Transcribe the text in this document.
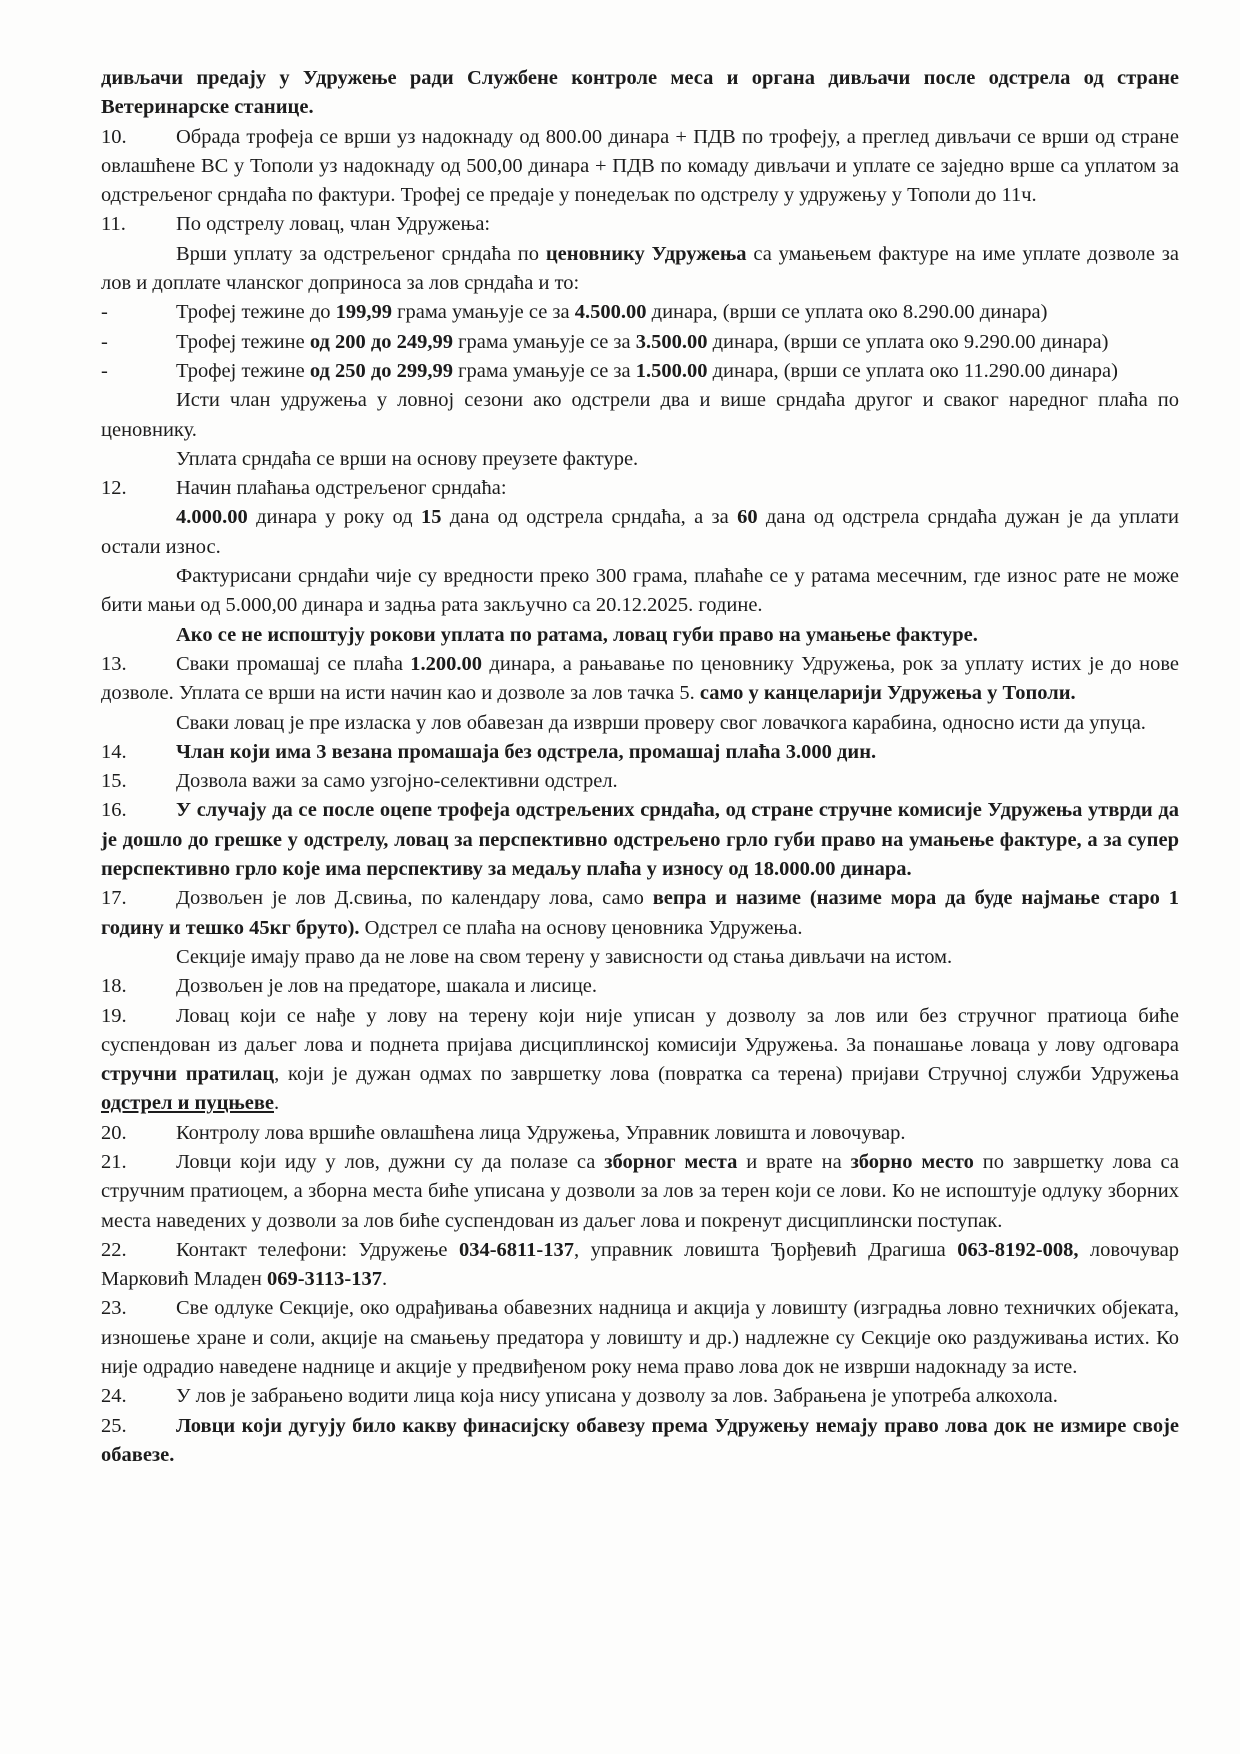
дивљачи предају у Удружење ради Службене контроле меса и органа дивљачи после одстрела од стране Ветеринарске станице.

10. Обрада трофеја се врши уз надокнаду од 800.00 динара + ПДВ по трофеју, а преглед дивљачи се врши од стране овлашћене ВС у Тополи уз надокнаду од 500,00 динара + ПДВ по комаду дивљачи и уплате се заједно врше са уплатом за одстрељеног срндаћа по фактури. Трофеј се предаје у понедељак по одстрелу у удружењу у Тополи до 11ч.

11. По одстрелу ловац, члан Удружења:

Врши уплату за одстрељеног срндаћа по ценовнику Удружења са умањењем фактуре на име уплате дозволе за лов и доплате чланског доприноса за лов срндаћа и то:

-	Трофеј тежине до 199,99 грама умањује се за 4.500.00 динара, (врши се уплата око 8.290.00 динара)

-	Трофеј тежине од 200 до 249,99 грама умањује се за 3.500.00 динара, (врши се уплата око 9.290.00 динара)

-	Трофеј тежине од 250 до 299,99 грама умањује се за 1.500.00 динара, (врши се уплата око 11.290.00 динара)

Исти члан удружења у ловној сезони ако одстрели два и више срндаћа другог и сваког наредног плаћа по ценовнику.

Уплата срндаћа се врши на основу преузете фактуре.

12. Начин плаћања одстрељеног срндаћа:

4.000.00 динара у року од 15 дана од одстрела срндаћа, а за 60 дана од одстрела срндаћа дужан је да уплати остали износ.

Фактурисани срндаћи чије су вредности преко 300 грама, плаћаће се у ратама месечним, где износ рате не може бити мањи од 5.000,00 динара и задња рата закључно са 20.12.2025. године.

Ако се не испоштују рокови уплата по ратама, ловац губи право на умањење фактуре.

13. Сваки промашај се плаћа 1.200.00 динара, а рањавање по ценовнику Удружења, рок за уплату истих је до нове дозволе. Уплата се врши на исти начин као и дозволе за лов тачка 5. само у канцеларији Удружења у Тополи.

Сваки ловац је пре изласка у лов обавезан да изврши проверу свог ловачкога карабина, односно исти да упуца.

14. Члан који има 3 везана промашаја без одстрела, промашај плаћа 3.000 дин.

15. Дозвола важи за само узгојно-селективни одстрел.

16. У случају да се после оцепе трофеја одстрељених срндаћа, од стране стручне комисије Удружења утврди да је дошло до грешке у одстрелу, ловац за перспективно одстрељено грло губи право на умањење фактуре, а за супер перспективно грло које има перспективу за медаљу плаћа у износу од 18.000.00 динара.

17. Дозвољен је лов Д.свиња, по календару лова, само вепра и назиме (назиме мора да буде најмање старо 1 годину и тешко 45кг бруто). Одстрел се плаћа на основу ценовника Удружења.

Секције имају право да не лове на свом терену у зависности од стања дивљачи на истом.

18. Дозвољен је лов на предаторе, шакала и лисице.

19. Ловац који се нађе у лову на терену који није уписан у дозволу за лов или без стручног пратиоца биће суспендован из даљег лова и поднета пријава дисциплинској комисији Удружења. За понашање ловаца у лову одговара стручни пратилац, који је дужан одмах по завршетку лова (повратка са терена) пријави Стручној служби Удружења одстрел и пуцњеве.

20. Контролу лова вршиће овлашћена лица Удружења, Управник ловишта и ловочувар.

21. Ловци који иду у лов, дужни су да полазе са зборног места и врате на зборно место по завршетку лова са стручним пратиоцем, а зборна места биће уписана у дозволи за лов за терен који се лови. Ко не испоштује одлуку зборних места наведених у дозволи за лов биће суспендован из даљег лова и покренут дисциплински поступак.

22. Контакт телефони: Удружење 034-6811-137, управник ловишта Ђорђевић Драгиша 063-8192-008, ловочувар Марковић Младен 069-3113-137.

23. Све одлуке Секције, око одрађивања обавезних надница и акција у ловишту (изградња ловно техничких објеката, изношење хране и соли, акције на смањењу предатора у ловишту и др.) надлежне су Секције око раздуживања истих. Ко није одрадио наведене наднице и акције у предвиђеном року нема право лова док не изврши надокнаду за исте.

24. У лов је забрањено водити лица која нису уписана у дозволу за лов. Забрањена је употреба алкохола.

25. Ловци који дугују било какву финасијску обавезу према Удружењу немају право лова док не измире своје обавезе.
